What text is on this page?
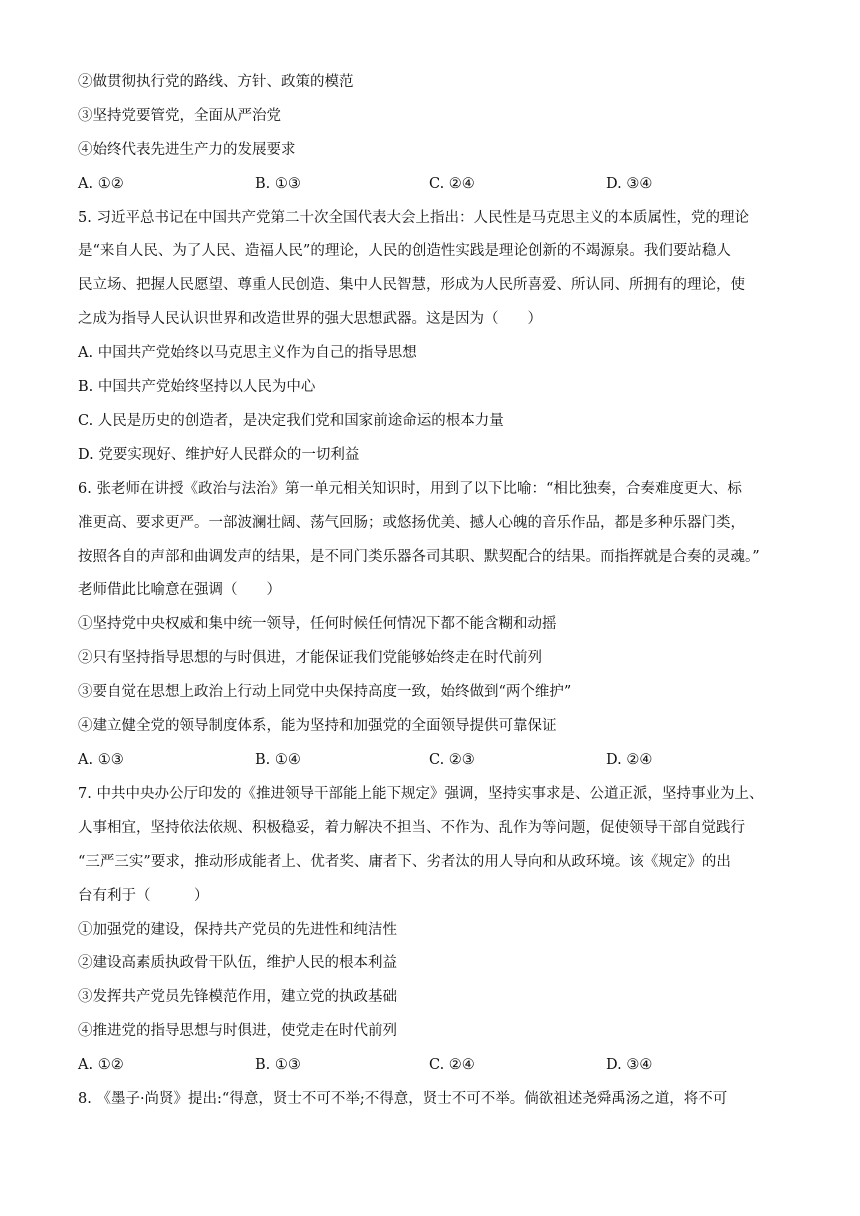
②做贯彻执行党的路线、方针、政策的模范
③坚持党要管党，全面从严治党
④始终代表先进生产力的发展要求
A. ①②	B. ①③	C. ②④	D. ③④
5. 习近平总书记在中国共产党第二十次全国代表大会上指出：人民性是马克思主义的本质属性，党的理论
是“来自人民、为了人民、造福人民”的理论，人民的创造性实践是理论创新的不竭源泉。我们要站稳人
民立场、把握人民愿望、尊重人民创造、集中人民智慧，形成为人民所喜爱、所认同、所拥有的理论，使
之成为指导人民认识世界和改造世界的强大思想武器。这是因为（　　）
A. 中国共产党始终以马克思主义作为自己的指导思想
B. 中国共产党始终坚持以人民为中心
C. 人民是历史的创造者，是决定我们党和国家前途命运的根本力量
D. 党要实现好、维护好人民群众的一切利益
6. 张老师在讲授《政治与法治》第一单元相关知识时，用到了以下比喻：“相比独奏，合奏难度更大、标
准更高、要求更严。一部波澜壮阔、荡气回肠；或悠扬优美、撼人心魄的音乐作品，都是多种乐器门类，
按照各自的声部和曲调发声的结果，是不同门类乐器各司其职、默契配合的结果。而指挥就是合奏的灵魂。”
老师借此比喻意在强调（　　）
①坚持党中央权威和集中统一领导，任何时候任何情况下都不能含糊和动摇
②只有坚持指导思想的与时俱进，才能保证我们党能够始终走在时代前列
③要自觉在思想上政治上行动上同党中央保持高度一致，始终做到“两个维护”
④建立健全党的领导制度体系，能为坚持和加强党的全面领导提供可靠保证
A. ①③	B. ①④	C. ②③	D. ②④
7. 中共中央办公厅印发的《推进领导干部能上能下规定》强调，坚持实事求是、公道正派，坚持事业为上、
人事相宜，坚持依法依规、积极稳妥，着力解决不担当、不作为、乱作为等问题，促使领导干部自觉践行
“三严三实”要求，推动形成能者上、优者奖、庸者下、劣者汰的用人导向和从政环境。该《规定》的出
台有利于（　　　）
①加强党的建设，保持共产党员的先进性和纯洁性
②建设高素质执政骨干队伍，维护人民的根本利益
③发挥共产党员先锋模范作用，建立党的执政基础
④推进党的指导思想与时俱进，使党走在时代前列
A. ①②	B. ①③	C. ②④	D. ③④
8. 《墨子·尚贤》提出:“得意，贤士不可不举;不得意，贤士不可不举。倘欲祖述尧舜禹汤之道，将不可
